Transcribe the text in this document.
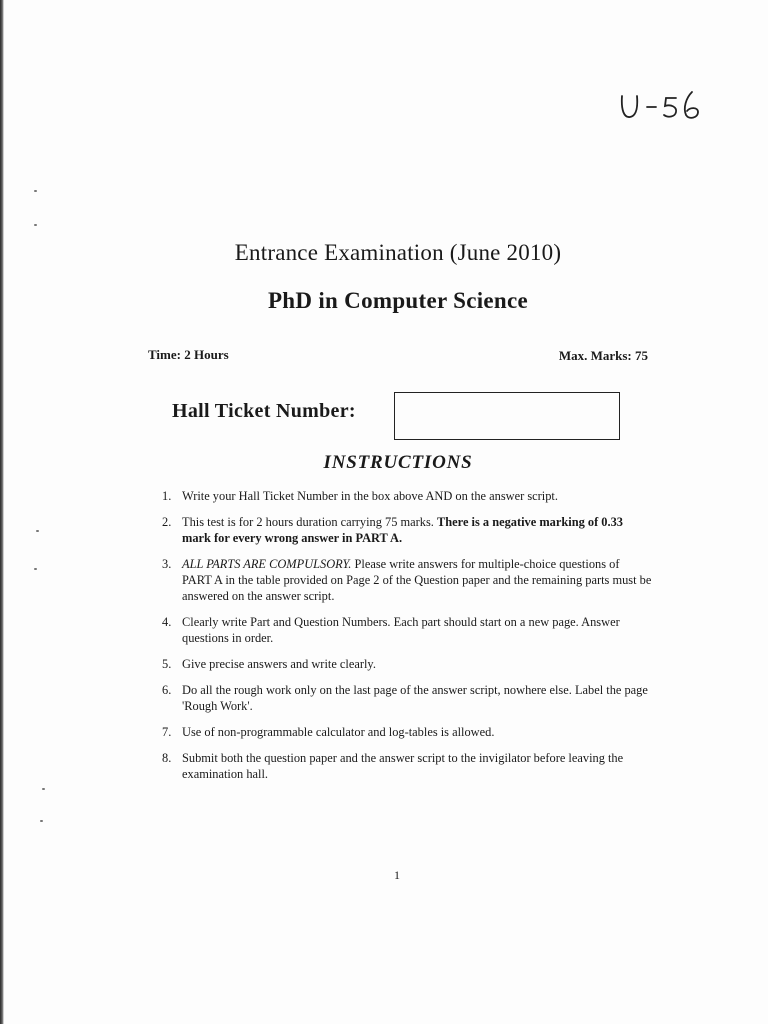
Entrance Examination (June 2010)
PhD in Computer Science
Time: 2 Hours	Max. Marks: 75
Hall Ticket Number:
INSTRUCTIONS
1. Write your Hall Ticket Number in the box above AND on the answer script.
2. This test is for 2 hours duration carrying 75 marks. There is a negative marking of 0.33 mark for every wrong answer in PART A.
3. ALL PARTS ARE COMPULSORY. Please write answers for multiple-choice questions of PART A in the table provided on Page 2 of the Question paper and the remaining parts must be answered on the answer script.
4. Clearly write Part and Question Numbers. Each part should start on a new page. Answer questions in order.
5. Give precise answers and write clearly.
6. Do all the rough work only on the last page of the answer script, nowhere else. Label the page 'Rough Work'.
7. Use of non-programmable calculator and log-tables is allowed.
8. Submit both the question paper and the answer script to the invigilator before leaving the examination hall.
1
